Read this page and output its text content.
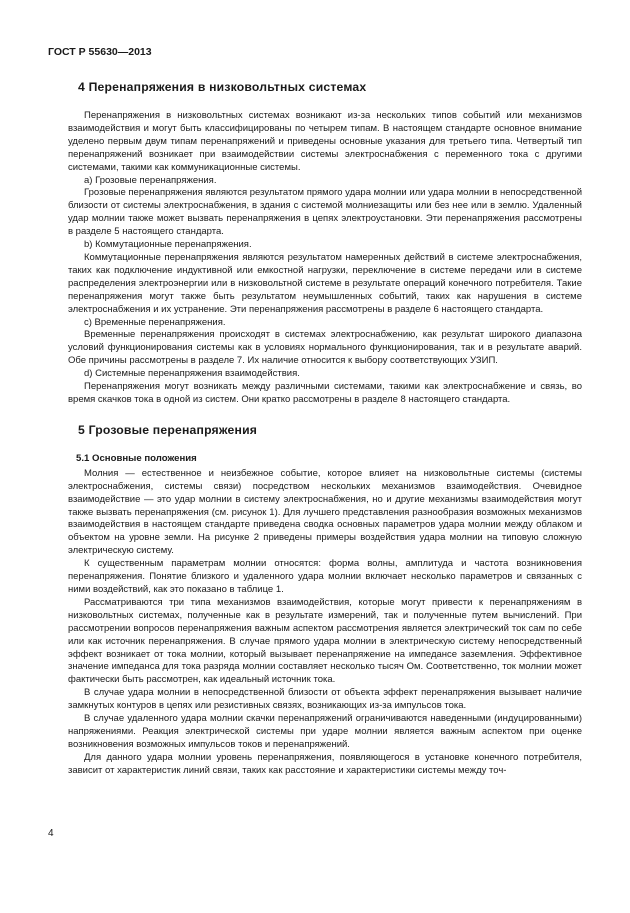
ГОСТ Р 55630—2013
4 Перенапряжения в низковольтных системах

Перенапряжения в низковольтных системах возникают из-за нескольких типов событий или механизмов взаимодействия и могут быть классифицированы по четырем типам. В настоящем стандарте основное внимание уделено первым двум типам перенапряжений и приведены основные указания для третьего типа. Четвертый тип перенапряжений возникает при взаимодействии системы электроснабжения с переменного тока с другими системами, такими как коммуникационные системы.

а) Грозовые перенапряжения.

Грозовые перенапряжения являются результатом прямого удара молнии или удара молнии в непосредственной близости от системы электроснабжения, в здания с системой молниезащиты или без нее или в землю. Удаленный удар молнии также может вызвать перенапряжения в цепях электроустановки. Эти перенапряжения рассмотрены в разделе 5 настоящего стандарта.

b) Коммутационные перенапряжения.

Коммутационные перенапряжения являются результатом намеренных действий в системе электроснабжения, таких как подключение индуктивной или емкостной нагрузки, переключение в системе передачи или в системе распределения электроэнергии или в низковольтной системе в результате операций конечного потребителя. Такие перенапряжения могут также быть результатом неумышленных событий, таких как нарушения в системе электроснабжения и их устранение. Эти перенапряжения рассмотрены в разделе 6 настоящего стандарта.

c) Временные перенапряжения.

Временные перенапряжения происходят в системах электроснабжению, как результат широкого диапазона условий функционирования системы как в условиях нормального функционирования, так и в результате аварий. Обе причины рассмотрены в разделе 7. Их наличие относится к выбору соответствующих УЗИП.

d) Системные перенапряжения взаимодействия.

Перенапряжения могут возникать между различными системами, такими как электроснабжение и связь, во время скачков тока в одной из систем. Они кратко рассмотрены в разделе 8 настоящего стандарта.

5 Грозовые перенапряжения
5.1 Основные положения

Молния — естественное и неизбежное событие, которое влияет на низковольтные системы (системы электроснабжения, системы связи) посредством нескольких механизмов взаимодействия. Очевидное взаимодействие — это удар молнии в систему электроснабжения, но и другие механизмы взаимодействия могут также вызвать перенапряжения (см. рисунок 1). Для лучшего представления разнообразия возможных механизмов взаимодействия в настоящем стандарте приведена сводка основных параметров удара молнии между облаком и объектом на уровне земли. На рисунке 2 приведены примеры воздействия удара молнии на типовую сложную электрическую систему.

К существенным параметрам молнии относятся: форма волны, амплитуда и частота возникновения перенапряжения. Понятие близкого и удаленного удара молнии включает несколько параметров и связанных с ними воздействий, как это показано в таблице 1.

Рассматриваются три типа механизмов взаимодействия, которые могут привести к перенапряжениям в низковольтных системах, полученные как в результате измерений, так и полученные путем вычислений. При рассмотрении вопросов перенапряжения важным аспектом рассмотрения является электрический ток сам по себе или как источник перенапряжения. В случае прямого удара молнии в электрическую систему непосредственный эффект возникает от тока молнии, который вызывает перенапряжение на импедансе заземления. Эффективное значение импеданса для тока разряда молнии составляет несколько тысяч Ом. Соответственно, ток молнии может фактически быть рассмотрен, как идеальный источник тока.

В случае удара молнии в непосредственной близости от объекта эффект перенапряжения вызывает наличие замкнутых контуров в цепях или резистивных связях, возникающих из-за импульсов тока.

В случае удаленного удара молнии скачки перенапряжений ограничиваются наведенными (индуцированными) напряжениями. Реакция электрической системы при ударе молнии является важным аспектом при оценке возникновения возможных импульсов токов и перенапряжений.

Для данного удара молнии уровень перенапряжения, появляющегося в установке конечного потребителя, зависит от характеристик линий связи, таких как расстояние и характеристики системы между точ-

4
